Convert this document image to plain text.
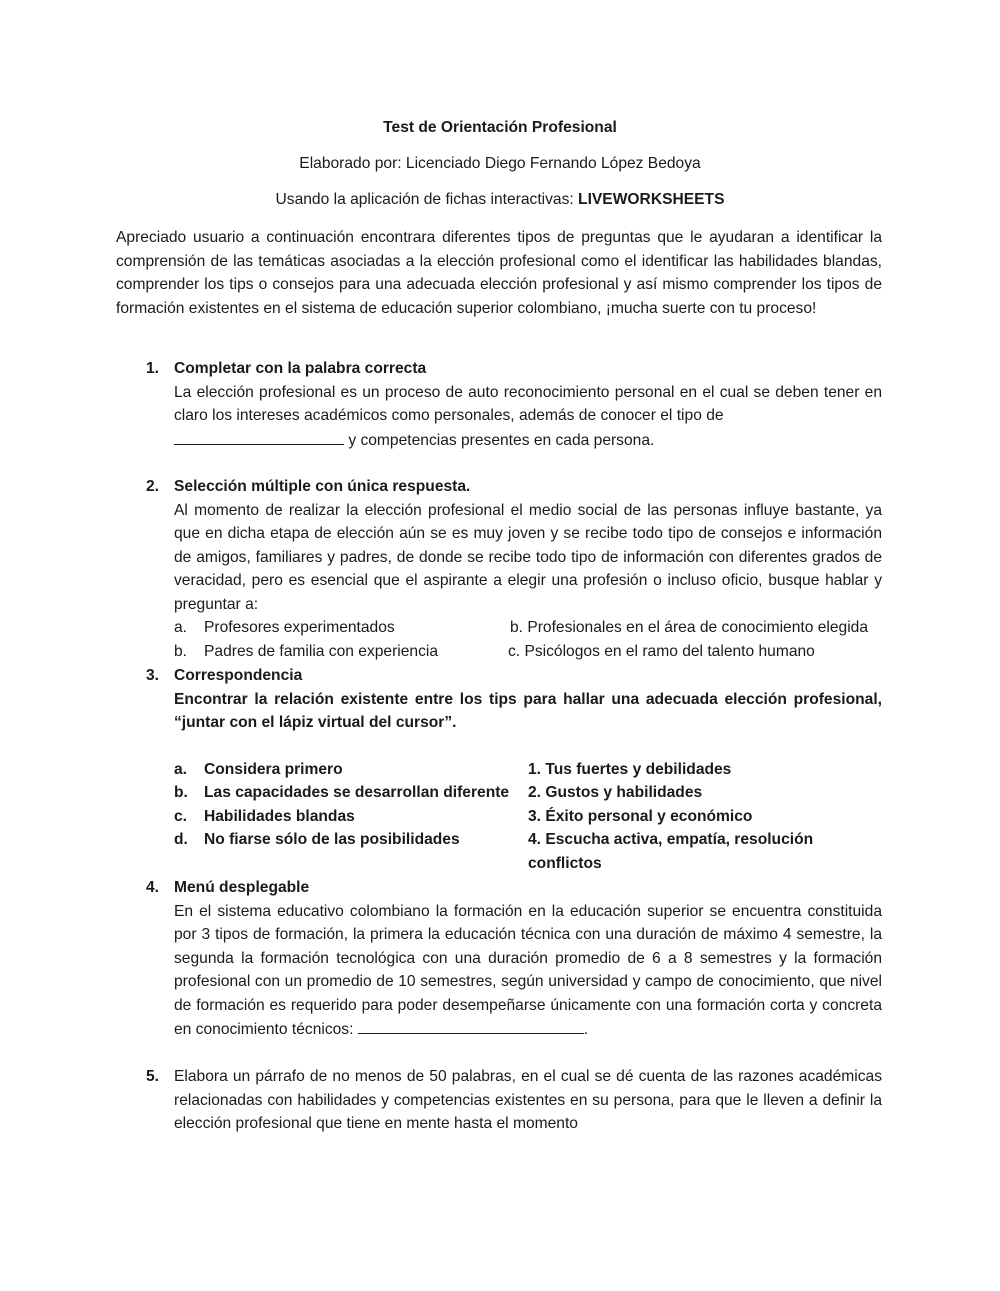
Test de Orientación Profesional
Elaborado por: Licenciado Diego Fernando López Bedoya
Usando la aplicación de fichas interactivas: LIVEWORKSHEETS
Apreciado usuario a continuación encontrara diferentes tipos de preguntas que le ayudaran a identificar la comprensión de las temáticas asociadas a la elección profesional como el identificar las habilidades blandas, comprender los tips o consejos para una adecuada elección profesional y así mismo comprender los tipos de formación existentes en el sistema de educación superior colombiano, ¡mucha suerte con tu proceso!
1. Completar con la palabra correcta
La elección profesional es un proceso de auto reconocimiento personal en el cual se deben tener en claro los intereses académicos como personales, además de conocer el tipo de
y competencias presentes en cada persona.
2. Selección múltiple con única respuesta.
Al momento de realizar la elección profesional el medio social de las personas influye bastante, ya que en dicha etapa de elección aún se es muy joven y se recibe todo tipo de consejos e información de amigos, familiares y padres, de donde se recibe todo tipo de información con diferentes grados de veracidad, pero es esencial que el aspirante a elegir una profesión o incluso oficio, busque hablar y preguntar a:
a.	Profesores experimentados	b. Profesionales en el área de conocimiento elegida
b.	Padres de familia con experiencia	c. Psicólogos en el ramo del talento humano
3. Correspondencia
Encontrar la relación existente entre los tips para hallar una adecuada elección profesional, “juntar con el lápiz virtual del cursor”.
a.	Considera primero	1. Tus fuertes y debilidades
b.	Las capacidades se desarrollan diferente 2. Gustos y habilidades
c.	Habilidades blandas	3. Éxito personal y económico
d.	No fiarse sólo de las posibilidades	4. Escucha activa, empatía, resolución conflictos
4. Menú desplegable
En el sistema educativo colombiano la formación en la educación superior se encuentra constituida por 3 tipos de formación, la primera la educación técnica con una duración de máximo 4 semestre, la segunda la formación tecnológica con una duración promedio de 6 a 8 semestres y la formación profesional con un promedio de 10 semestres, según universidad y campo de conocimiento, que nivel de formación es requerido para poder desempeñarse únicamente con una formación corta y concreta en conocimiento técnicos:	.
5. Elabora un párrafo de no menos de 50 palabras, en el cual se dé cuenta de las razones académicas relacionadas con habilidades y competencias existentes en su persona, para que le lleven a definir la elección profesional que tiene en mente hasta el momento
